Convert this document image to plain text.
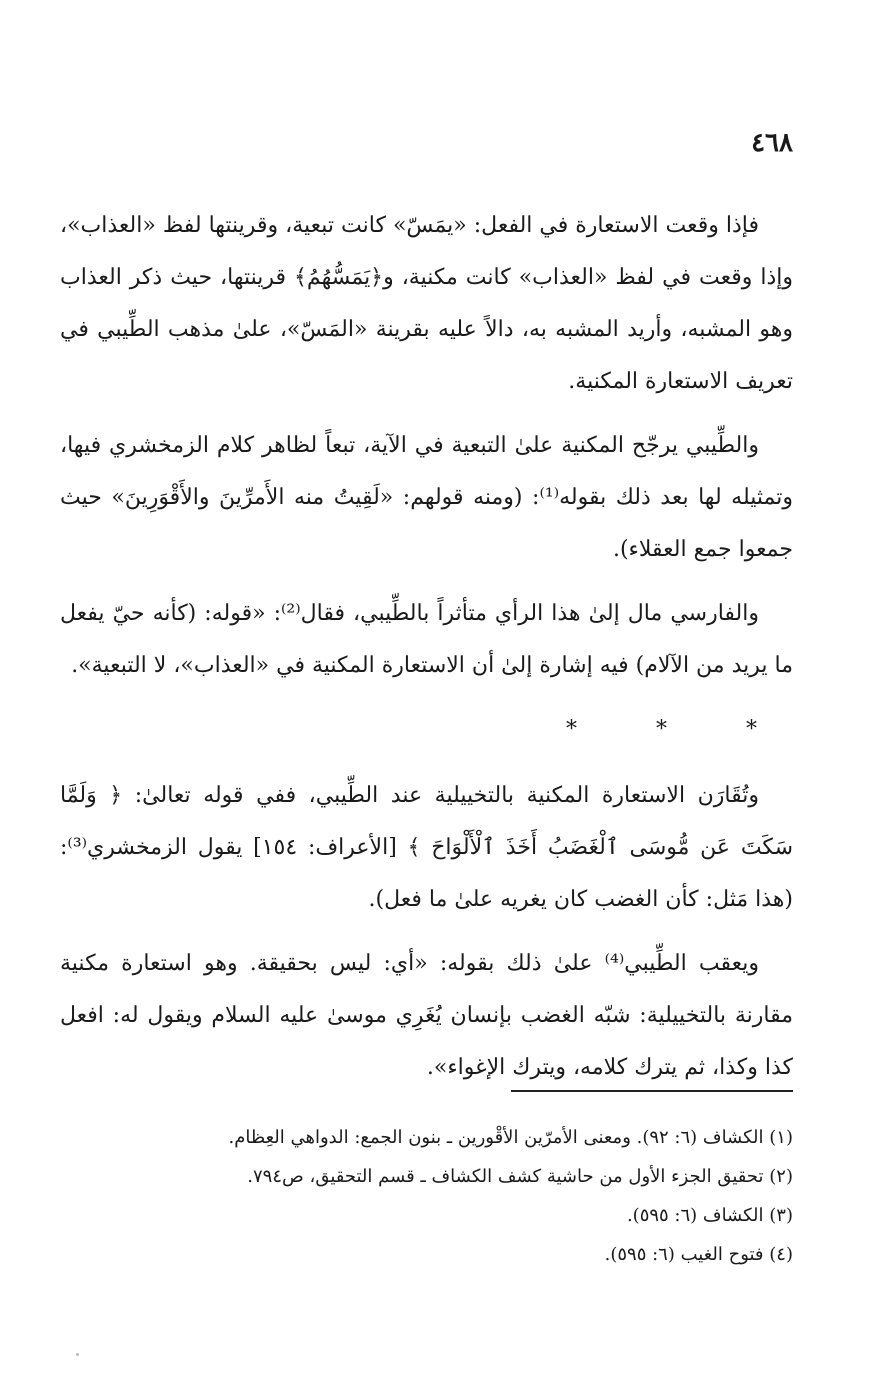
٤٦٨

فإذا وقعت الاستعارة في الفعل: «يمَسّ» كانت تبعية، وقرينتها لفظ «العذاب»، وإذا وقعت في لفظ «العذاب» كانت مكنية، و﴿يَمَسُّهُمُ﴾ قرينتها، حيث ذكر العذاب وهو المشبه، وأريد المشبه به، دالاً عليه بقرينة «المَسّ»، علىٰ مذهب الطِّيبي في تعريف الاستعارة المكنية.

والطِّيبي يرجّح المكنية علىٰ التبعية في الآية، تبعاً لظاهر كلام الزمخشري فيها، وتمثيله لها بعد ذلك بقوله⁽¹⁾: (ومنه قولهم: «لَقِيتُ منه الأَمرِّينَ والأَقْوَرِينَ» حيث جمعوا جمع العقلاء).

والفارسي مال إلىٰ هذا الرأي متأثراً بالطِّيبي، فقال⁽²⁾: «قوله: (كأنه حيّ يفعل ما يريد من الآلام) فيه إشارة إلىٰ أن الاستعارة المكنية في «العذاب»، لا التبعية».

* * *

وتُقَارَن الاستعارة المكنية بالتخييلية عند الطِّيبي، ففي قوله تعالىٰ: ﴿ وَلَمَّا سَكَتَ عَن مُّوسَى ٱلْغَضَبُ أَخَذَ ٱلْأَلْوَاحَ ﴾ [الأعراف: ١٥٤] يقول الزمخشري⁽³⁾: (هذا مَثل: كأن الغضب كان يغريه علىٰ ما فعل).

ويعقب الطِّيبي⁽⁴⁾ علىٰ ذلك بقوله: «أي: ليس بحقيقة. وهو استعارة مكنية مقارنة بالتخييلية: شبّه الغضب بإنسان يُغَرِي موسىٰ عليه السلام ويقول له: افعل كذا وكذا، ثم يترك كلامه، ويترك الإغواء».

(١) الكشاف (٦: ٩٢). ومعنى الأمرّين الأقْورين ـ بنون الجمع: الدواهي العِظام.
(٢) تحقيق الجزء الأول من حاشية كشف الكشاف ـ قسم التحقيق، ص٧٩٤.
(٣) الكشاف (٦: ٥٩٥).
(٤) فتوح الغيب (٦: ٥٩٥).
